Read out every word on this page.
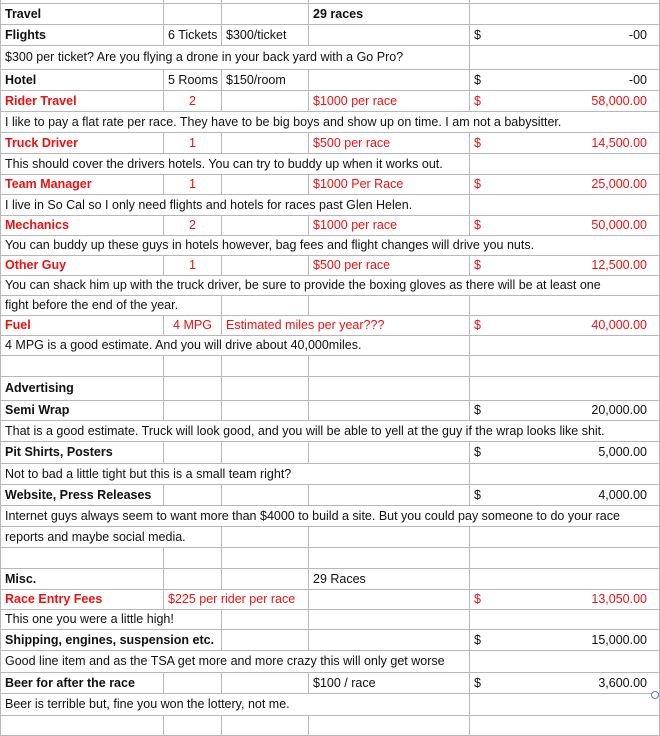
Travel			29 races	
Flights	6 Tickets	$300/ticket		$ -00

$300 per ticket? Are you flying a drone in your back yard with a Go Pro?				
Hotel	5 Rooms	$150/room		$ -00

Rider Travel	2		$1000 per race	$ 58,000.00

I like to pay a flat rate per race. They have to be big boys and show up on time. I am not a babysitter.				
Truck Driver	1		$500 per race	$ 14,500.00

This should cover the drivers hotels. You can try to buddy up when it works out.				
Team Manager	1		$1000 Per Race	$ 25,000.00

I live in So Cal so I only need flights and hotels for races past Glen Helen.				
Mechanics	2		$1000 per race	$ 50,000.00

You can buddy up these guys in hotels however, bag fees and flight changes will drive you nuts.				
Other Guy	1		$500 per race	$ 12,500.00

You can shack him up with the truck driver, be sure to provide the boxing gloves as there will be at least one				
fight before the end of the year.				
Fuel	4 MPG	Estimated miles per year???		$ 40,000.00

4 MPG is a good estimate. And you will drive about 40,000miles.				

Advertising				
Semi Wrap				$ 20,000.00

That is a good estimate. Truck will look good, and you will be able to yell at the guy if the wrap looks like shit.				
Pit Shirts, Posters				$ 5,000.00

Not to bad a little tight but this is a small team right?				
Website, Press Releases				$ 4,000.00

Internet guys always seem to want more than $4000 to build a site. But you could pay someone to do your race				
reports and maybe social media.				

Misc.			29 Races	
Race Entry Fees	$225 per rider per race			$ 13,050.00

This one you were a little high!				
Shipping, engines, suspension etc.				$ 15,000.00

Good line item and as the TSA get more and more crazy this will only get worse				
Beer for after the race			$100 / race	$ 3,600.00

Beer is terrible but, fine you won the lottery, not me.				
